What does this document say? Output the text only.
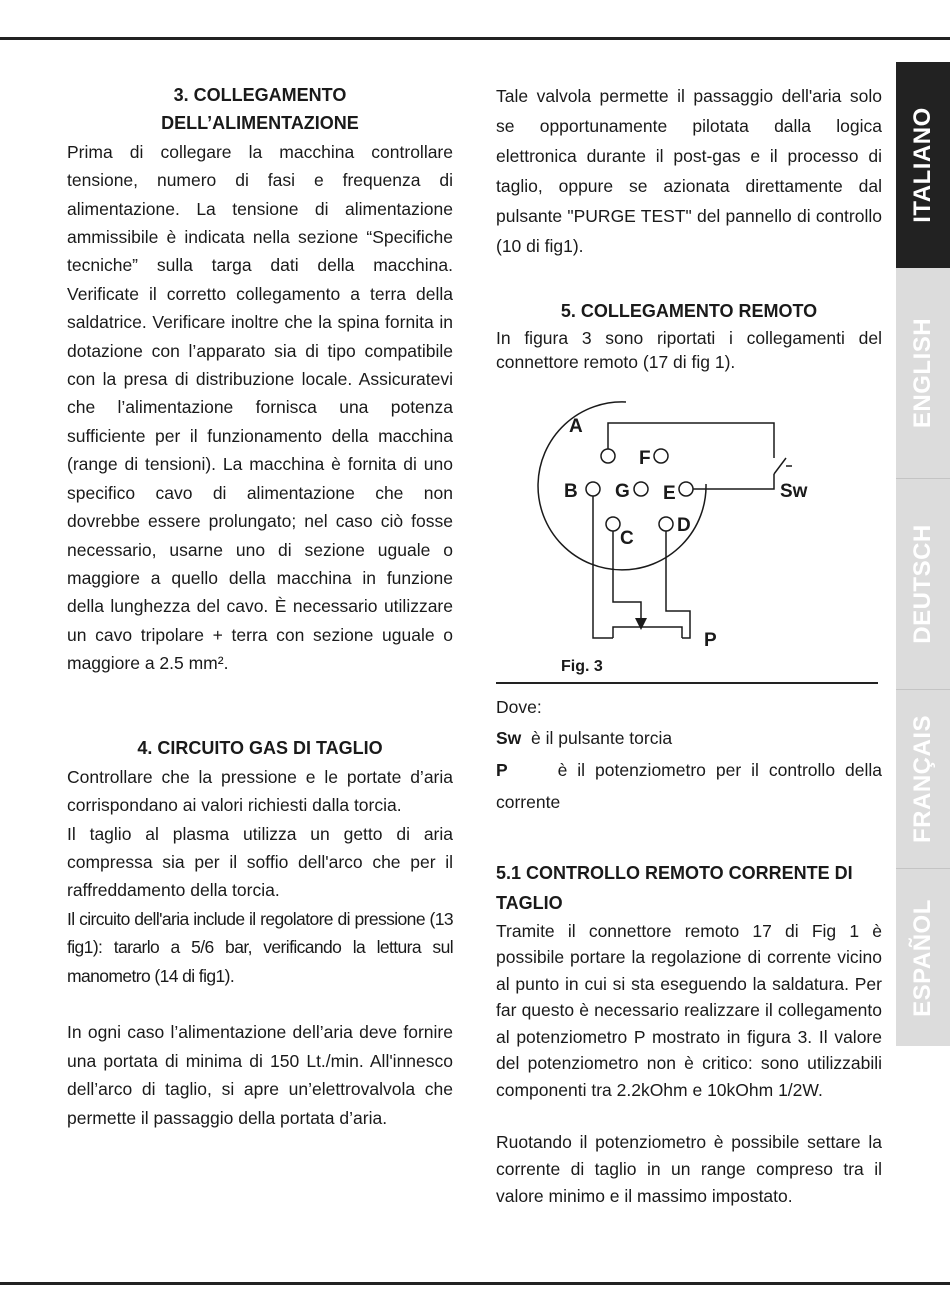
3. COLLEGAMENTO
DELL’ALIMENTAZIONE

Prima di collegare la macchina controllare tensione, numero di fasi e frequenza di alimentazione. La tensione di alimentazione ammissibile è indicata nella sezione “Specifiche tecniche” sulla targa dati della macchina. Verificate il corretto collegamento a terra della saldatrice. Verificare inoltre che la spina fornita in dotazione con l’apparato sia di tipo compatibile con la presa di distribuzione locale. Assicuratevi che l’alimentazione fornisca una potenza sufficiente per il funzionamento della macchina (range di tensioni). La macchina è fornita di uno specifico cavo di alimentazione che non dovrebbe essere prolungato; nel caso ciò fosse necessario, usarne uno di sezione uguale o maggiore a quello della macchina in funzione della lunghezza del cavo. È necessario utilizzare un cavo tripolare + terra con sezione uguale o maggiore a 2.5 mm².

4. CIRCUITO GAS DI TAGLIO

Controllare che la pressione e le portate d’aria corrispondano ai valori richiesti dalla torcia.

Il taglio al plasma utilizza un getto di aria compressa sia per il soffio dell'arco che per il raffreddamento della torcia.

Il circuito dell'aria include il regolatore di pressione (13 fig1): tararlo a 5/6 bar, verificando la lettura sul manometro (14 di fig1).

In ogni caso l’alimentazione dell’aria deve fornire una portata di minima di 150 Lt./min. All'innesco dell’arco di taglio, si apre un’elettrovalvola che permette il passaggio della portata d’aria.

Tale valvola permette il passaggio dell'aria solo se opportunamente pilotata dalla logica elettronica durante il post-gas e il processo di taglio, oppure se azionata direttamente dal pulsante "PURGE TEST" del pannello di controllo (10 di fig1).

5. COLLEGAMENTO REMOTO

In figura 3 sono riportati i collegamenti del connettore remoto (17 di fig 1).

A
F
B G E
C
D
Sw
P
Fig. 3

Dove:

Sw è il pulsante torcia

P	è il potenziometro per il controllo della corrente

5.1 CONTROLLO REMOTO CORRENTE DI TAGLIO

Tramite il connettore remoto 17 di Fig 1 è possibile portare la regolazione di corrente vicino al punto in cui si sta eseguendo la saldatura. Per far questo è necessario realizzare il collegamento al potenziometro P mostrato in figura 3. Il valore del potenziometro non è critico: sono utilizzabili componenti tra 2.2kOhm e 10kOhm 1/2W.

Ruotando il potenziometro è possibile settare la corrente di taglio in un range compreso tra il valore minimo e il massimo impostato.

ITALIANO
ENGLISH
DEUTSCH
FRANÇAIS
ESPAÑOL
